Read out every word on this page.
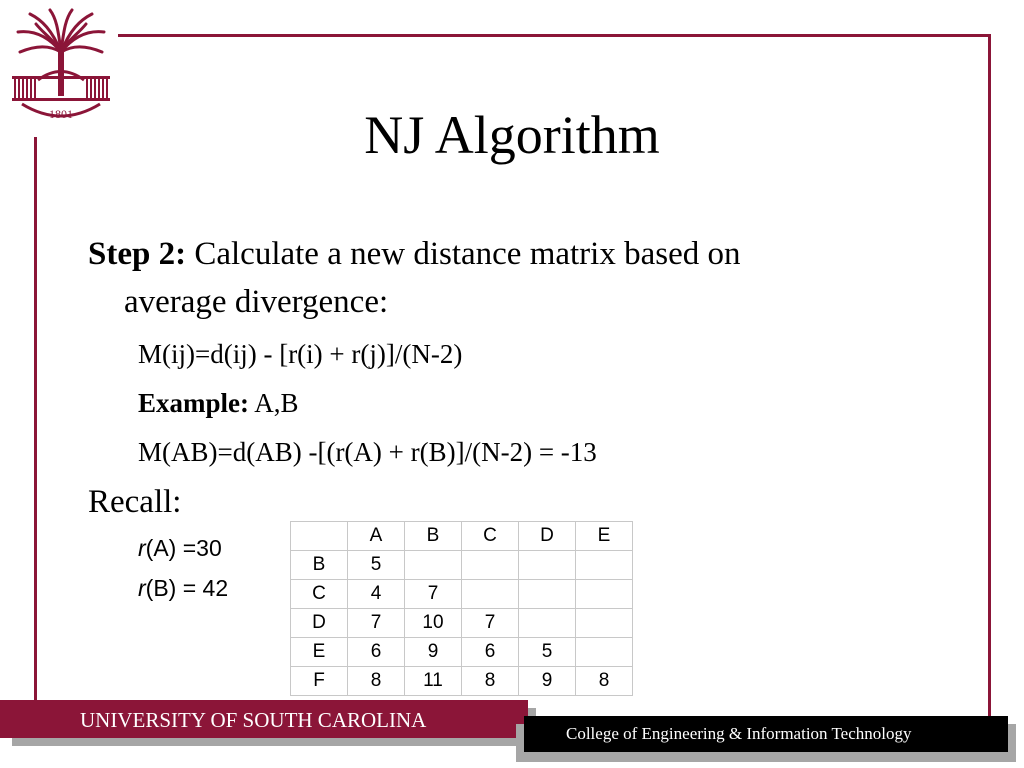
1801	NJ Algorithm
Step 2: Calculate a new distance matrix based on
average divergence:
M(ij)=d(ij) - [r(i) + r(j)]/(N-2)
Example: A,B
M(AB)=d(AB) -[(r(A) + r(B)]/(N-2) = -13
Recall:
r(A) =30
r(B) = 42
	A	B	C	D	E
B	5				
C	4	7			
D	7	10	7		
E	6	9	6	5	
F	8	11	8	9	8
UNIVERSITY OF SOUTH CAROLINA
College of Engineering & Information Technology
